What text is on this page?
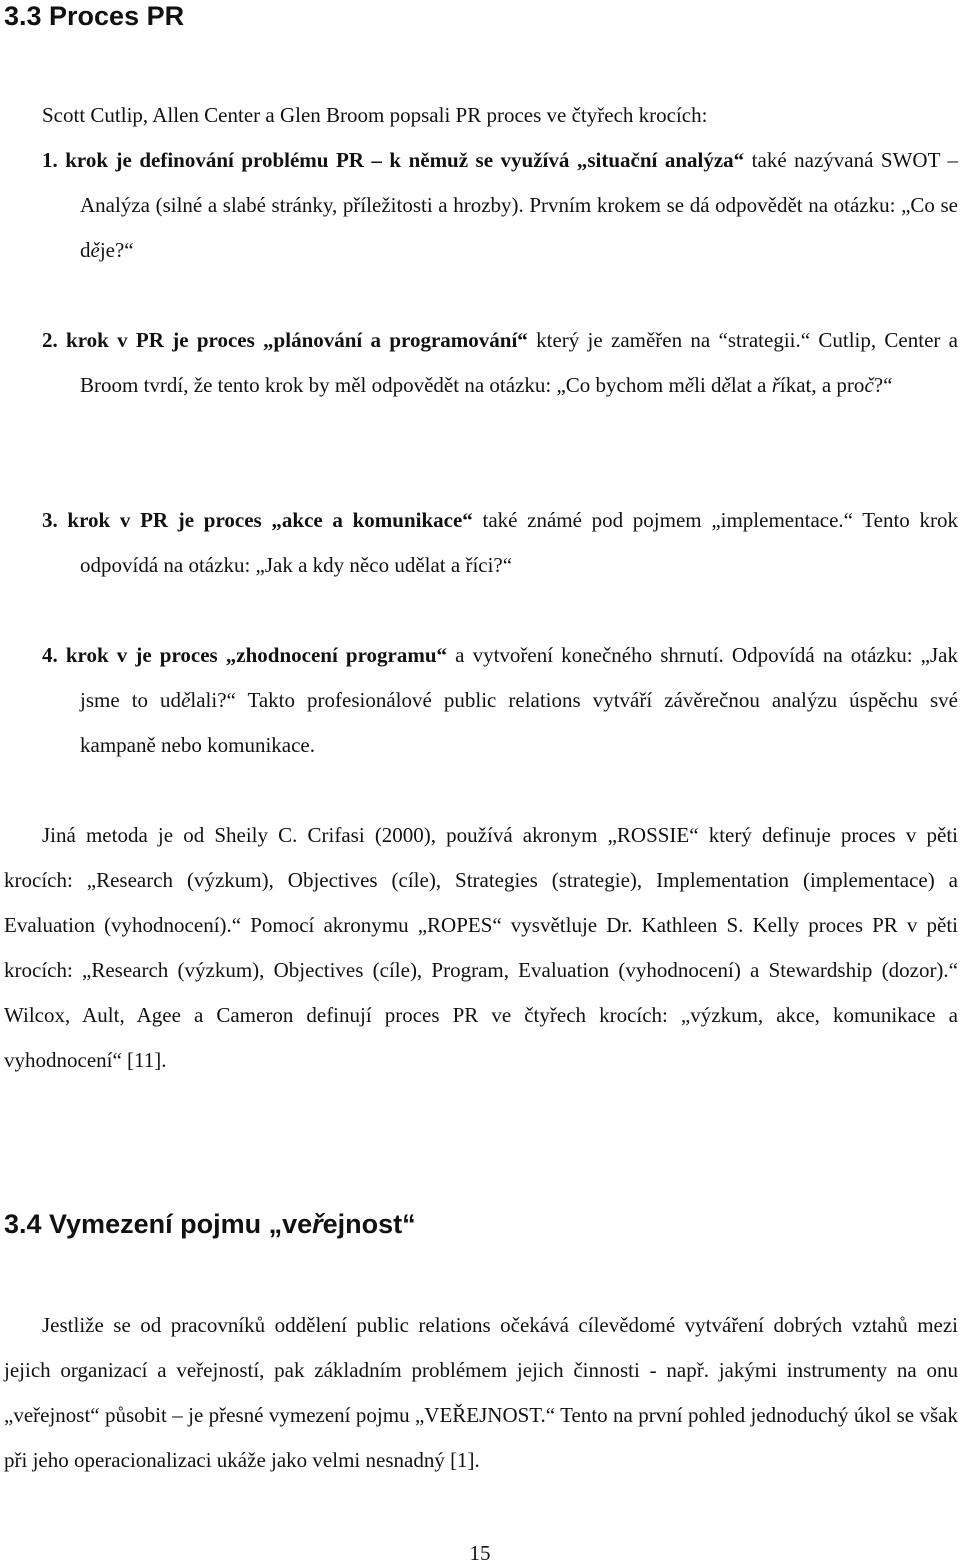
3.3 Proces PR

Scott Cutlip, Allen Center a Glen Broom popsali PR proces ve čtyřech krocích:

1. krok je definování problému PR – k němuž se využívá „situační analýza“ také nazývaná SWOT – Analýza (silné a slabé stránky, příležitosti a hrozby). Prvním krokem se dá odpovědět na otázku: „Co se děje?“

2. krok v PR je proces „plánování a programování“ který je zaměřen na “strategii.“ Cutlip, Center a Broom tvrdí, že tento krok by měl odpovědět na otázku: „Co bychom měli dělat a říkat, a proč?“

3. krok v PR je proces „akce a komunikace“ také známé pod pojmem „implementace.“ Tento krok odpovídá na otázku: „Jak a kdy něco udělat a říci?“

4. krok v je proces „zhodnocení programu“ a vytvoření konečného shrnutí. Odpovídá na otázku: „Jak jsme to udělali?“ Takto profesionálové public relations vytváří závěrečnou analýzu úspěchu své kampaně nebo komunikace.

Jiná metoda je od Sheily C. Crifasi (2000), používá akronym „ROSSIE“ který definuje proces v pěti krocích: „Research (výzkum), Objectives (cíle), Strategies (strategie), Implementation (implementace) a Evaluation (vyhodnocení).“ Pomocí akronymu „ROPES“ vysvětluje Dr. Kathleen S. Kelly proces PR v pěti krocích: „Research (výzkum), Objectives (cíle), Program, Evaluation (vyhodnocení) a Stewardship (dozor).“ Wilcox, Ault, Agee a Cameron definují proces PR ve čtyřech krocích: „výzkum, akce, komunikace a vyhodnocení“ [11].

3.4 Vymezení pojmu „veřejnost“

Jestliže se od pracovníků oddělení public relations očekává cílevědomé vytváření dobrých vztahů mezi jejich organizací a veřejností, pak základním problémem jejich činnosti - např. jakými instrumenty na onu „veřejnost“ působit – je přesné vymezení pojmu „VEŘEJNOST.“ Tento na první pohled jednoduchý úkol se však při jeho operacionalizaci ukáže jako velmi nesnadný [1].

15
